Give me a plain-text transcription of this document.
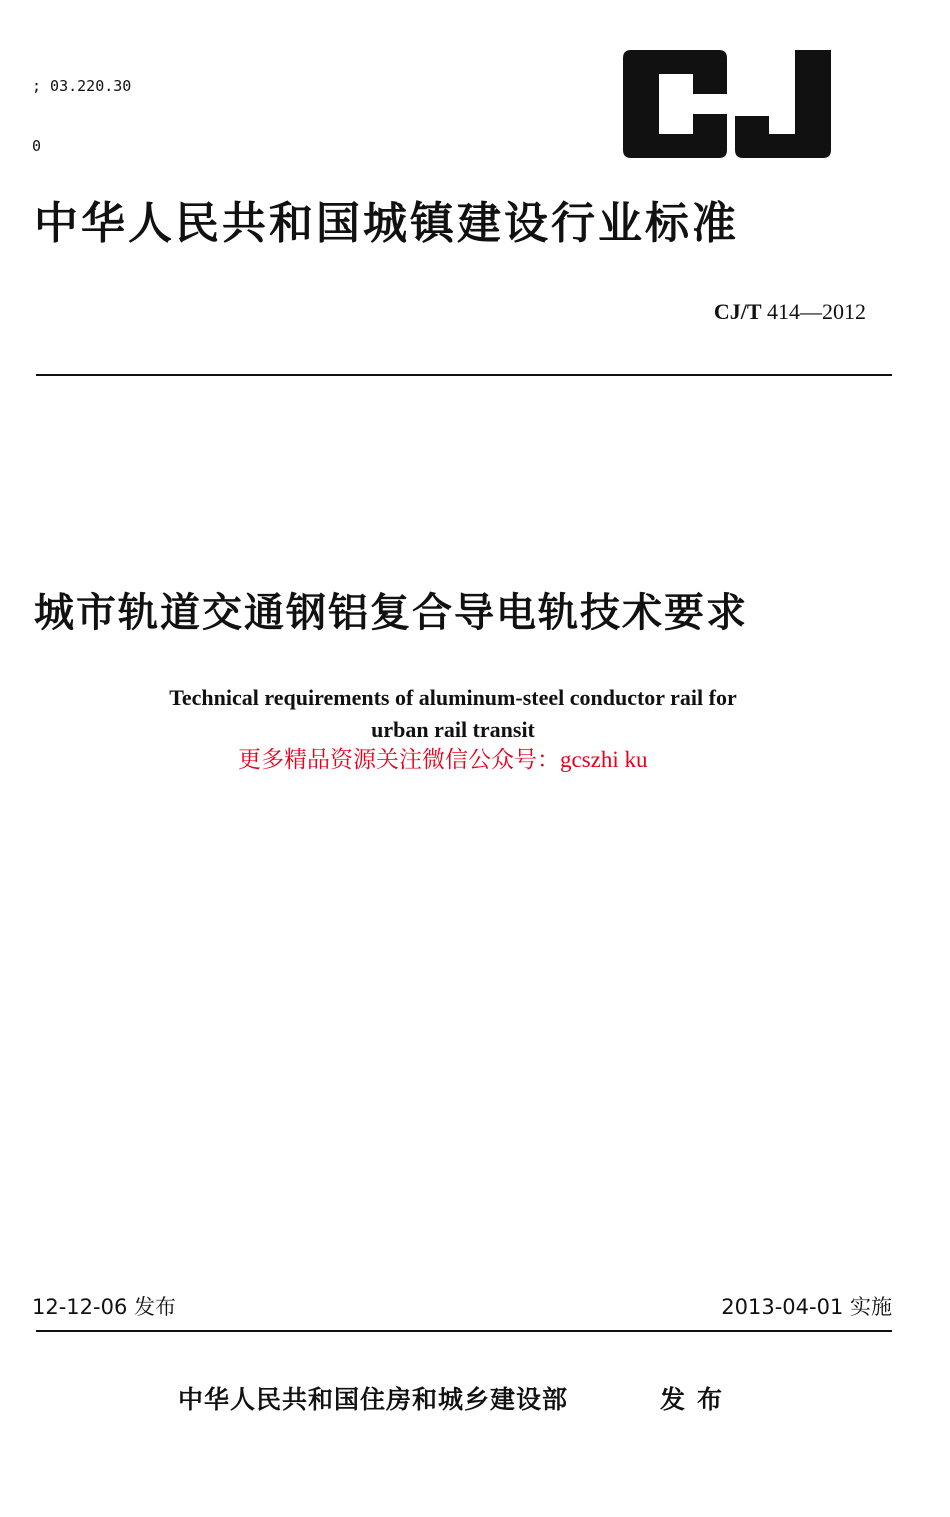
; 03.220.30

0

中华人民共和国城镇建设行业标准
CJ/T 414—2012
城市轨道交通钢铝复合导电轨技术要求
Technical requirements of aluminum-steel conductor rail for
urban rail transit
更多精品资源关注微信公众号：gcszhi ku
12-12-06 发布	2013-04-01 实施
中华人民共和国住房和城乡建设部	发布
